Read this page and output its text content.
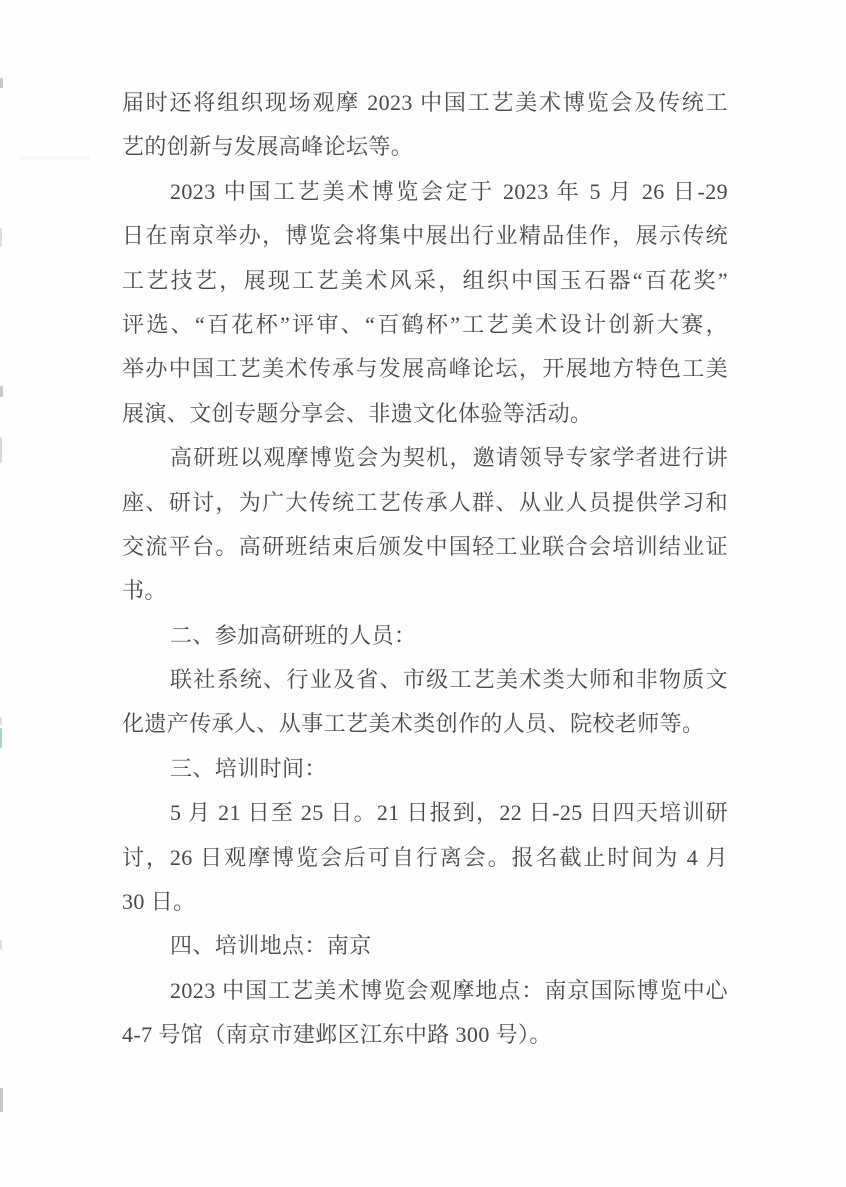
届时还将组织现场观摩 2023 中国工艺美术博览会及传统工
艺的创新与发展高峰论坛等。
2023 中国工艺美术博览会定于 2023 年 5 月 26 日-29
日在南京举办，博览会将集中展出行业精品佳作，展示传统
工艺技艺，展现工艺美术风采，组织中国玉石器“百花奖”
评选、“百花杯”评审、“百鹤杯”工艺美术设计创新大赛，
举办中国工艺美术传承与发展高峰论坛，开展地方特色工美
展演、文创专题分享会、非遗文化体验等活动。
高研班以观摩博览会为契机，邀请领导专家学者进行讲
座、研讨，为广大传统工艺传承人群、从业人员提供学习和
交流平台。高研班结束后颁发中国轻工业联合会培训结业证
书。
二、参加高研班的人员：
联社系统、行业及省、市级工艺美术类大师和非物质文
化遗产传承人、从事工艺美术类创作的人员、院校老师等。
三、培训时间：
5 月 21 日至 25 日。21 日报到，22 日-25 日四天培训研
讨，26 日观摩博览会后可自行离会。报名截止时间为 4 月
30 日。
四、培训地点：南京
2023 中国工艺美术博览会观摩地点：南京国际博览中心
4-7 号馆（南京市建邺区江东中路 300 号）。
